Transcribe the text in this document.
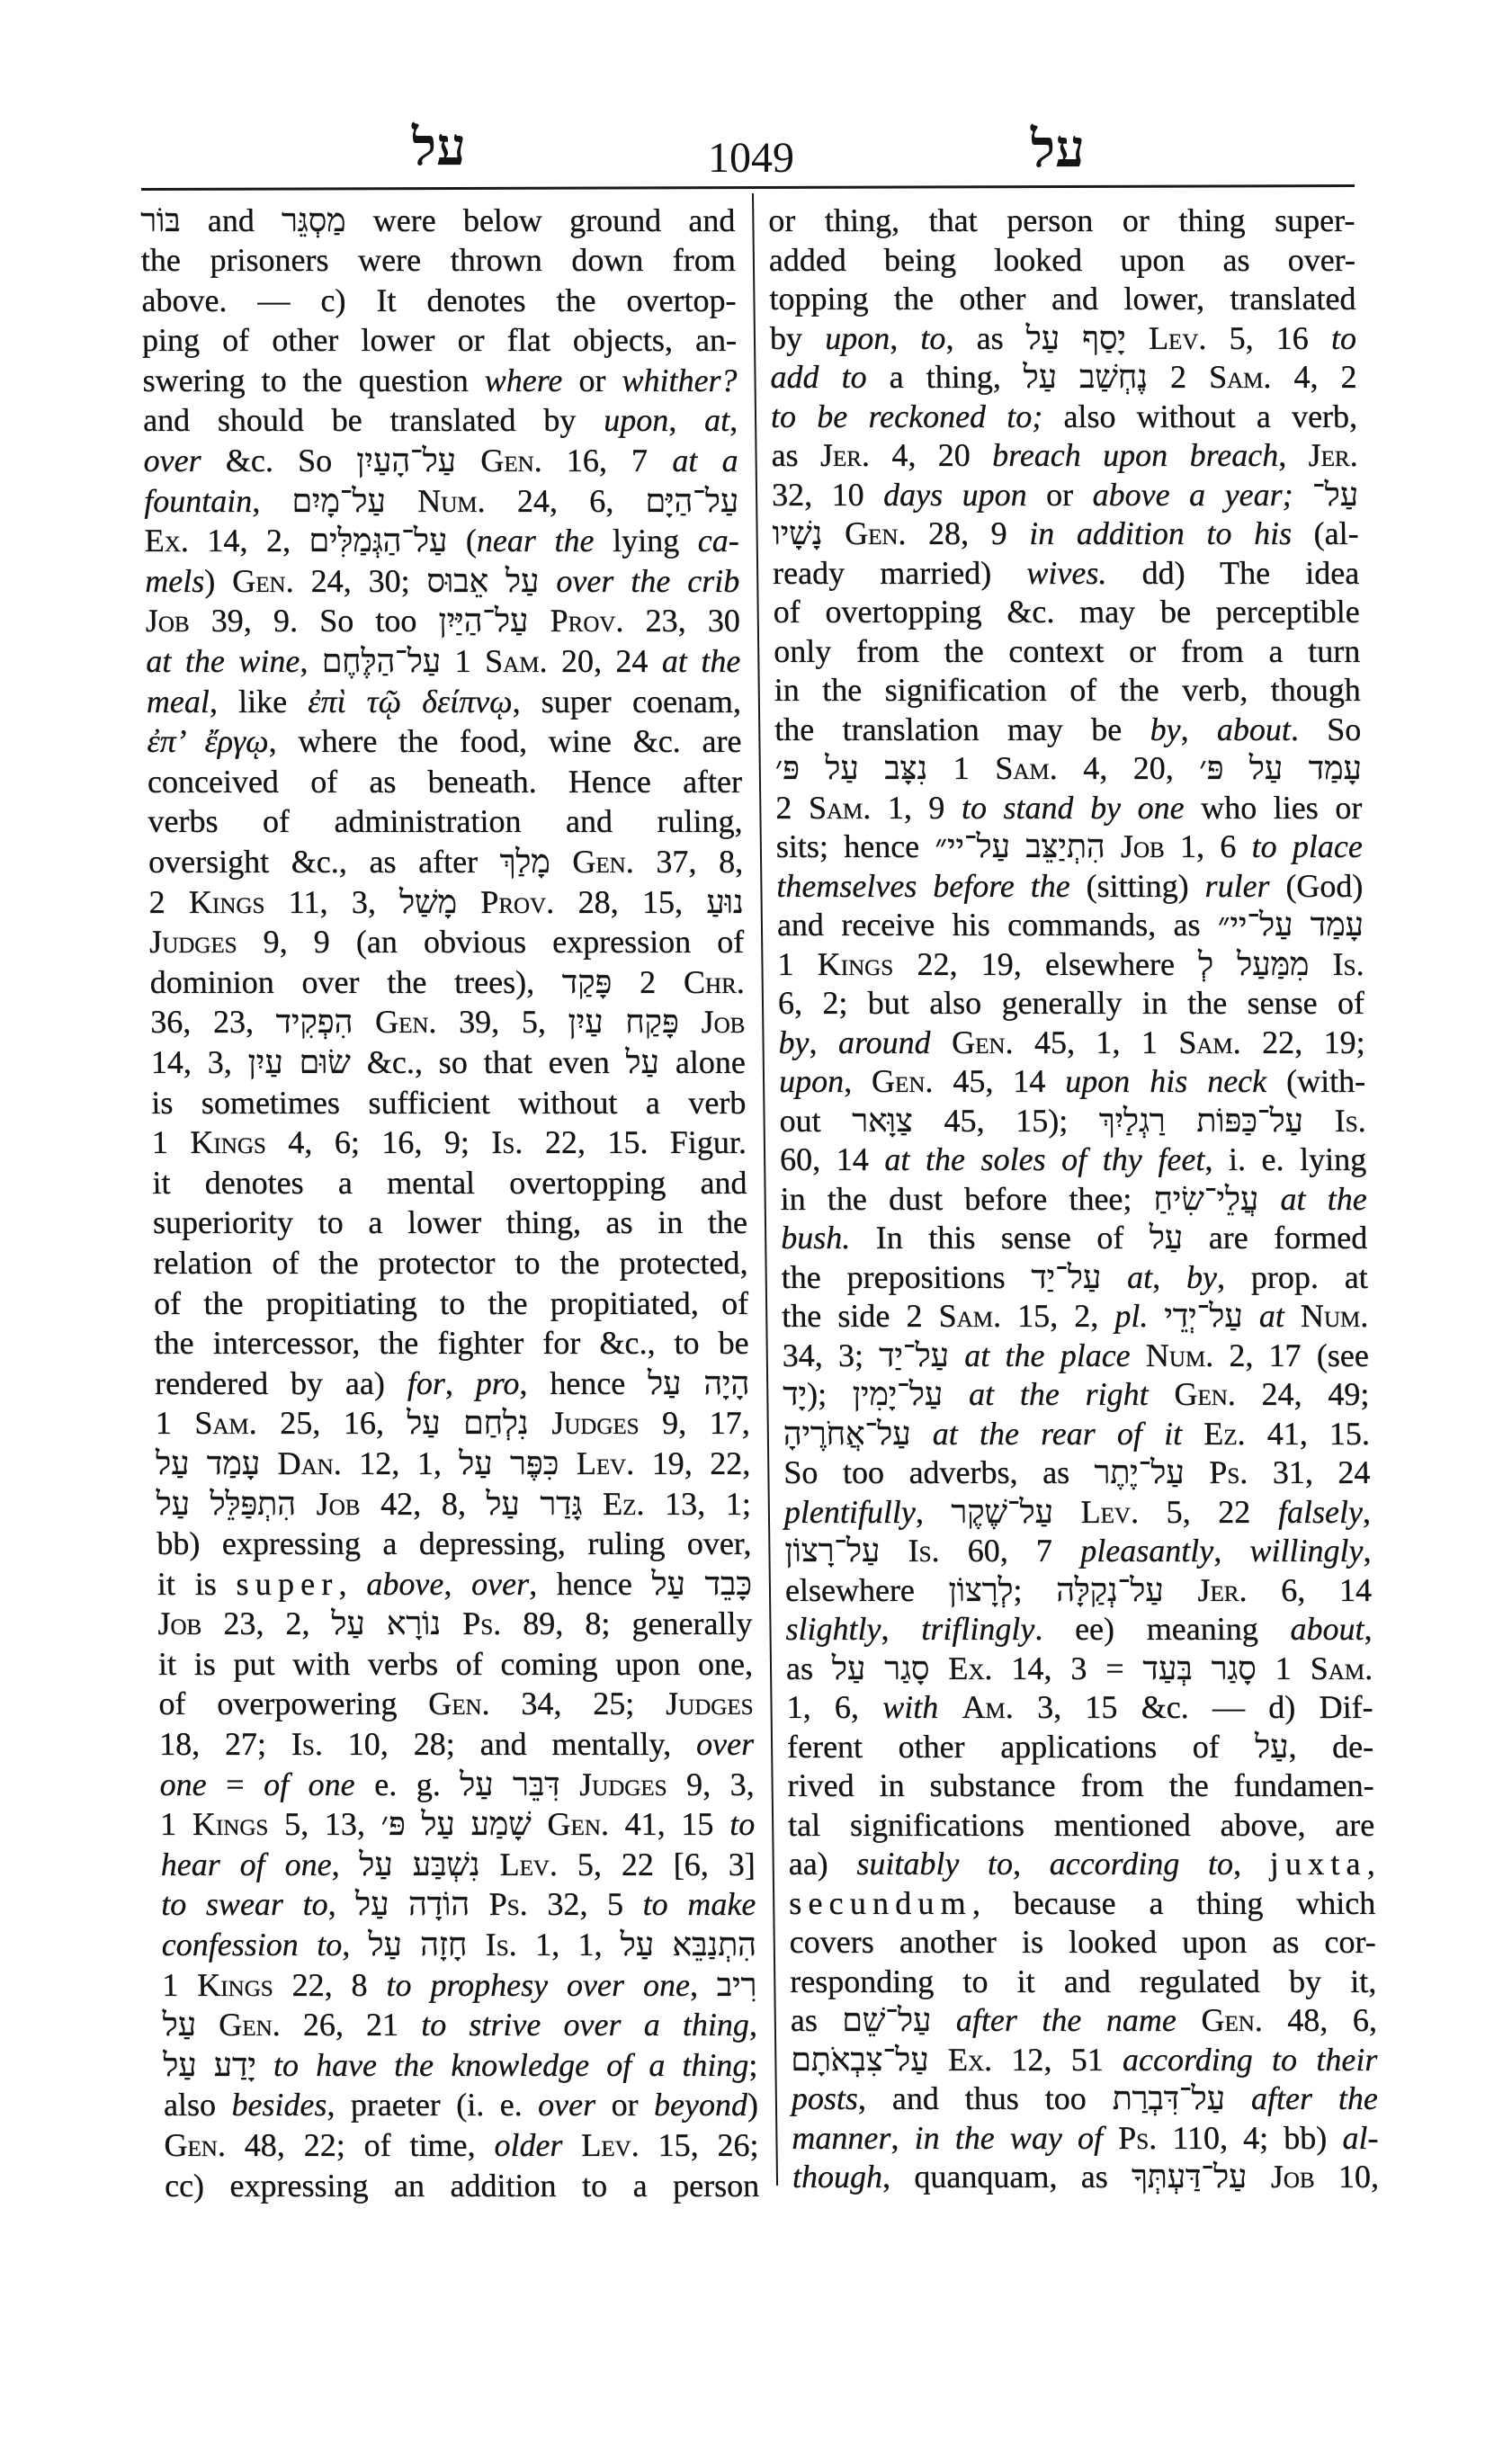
על	1049	על
בּוֹר and מַסְגֵּר were below ground and
the prisoners were thrown down from
above. — c) It denotes the overtop-
ping of other lower or flat objects, an-
swering to the question where or whither?
and should be translated by upon, at,
over &c. So עַל־הָעַיִן Gen. 16, 7 at a
fountain, עַל־מָיִם Num. 24, 6, עַל־הַיָּם
Ex. 14, 2, עַל־הַגְּמַלִּים (near the lying ca-
mels) Gen. 24, 30; עַל אֵבוּס over the crib
Job 39, 9. So too עַל־הַיַּיִן Prov. 23, 30
at the wine, עַל־הַלֶּחֶם 1 Sam. 20, 24 at the
meal, like ἐπὶ τῷ δείπνῳ, super coenam,
ἐπ’ ἔργῳ, where the food, wine &c. are
conceived of as beneath. Hence after
verbs of administration and ruling,
oversight &c., as after מָלַךְ Gen. 37, 8,
2 Kings 11, 3, מָשַׁל Prov. 28, 15, נוּעַ
Judges 9, 9 (an obvious expression of
dominion over the trees), פָּקַד 2 Chr.
36, 23, הִפְקִיד Gen. 39, 5, פָּקַח עַיִן Job
14, 3, שׂוּם עַיִן &c., so that even עַל alone
is sometimes sufficient without a verb
1 Kings 4, 6; 16, 9; Is. 22, 15. Figur.
it denotes a mental overtopping and
superiority to a lower thing, as in the
relation of the protector to the protected,
of the propitiating to the propitiated, of
the intercessor, the fighter for &c., to be
rendered by aa) for, pro, hence הָיָה עַל
1 Sam. 25, 16, נִלְחַם עַל Judges 9, 17,
עָמַד עַל Dan. 12, 1, כִּפֶּר עַל Lev. 19, 22,
הִתְפַּלֵּל עַל Job 42, 8, גָּדַר עַל Ez. 13, 1;
bb) expressing a depressing, ruling over,
it is super, above, over, hence כָּבֵד עַל
Job 23, 2, נוֹרָא עַל Ps. 89, 8; generally
it is put with verbs of coming upon one,
of overpowering Gen. 34, 25; Judges
18, 27; Is. 10, 28; and mentally, over
one = of one e. g. דִּבֵּר עַל Judges 9, 3,
1 Kings 5, 13, שָׁמַע עַל פּ׳ Gen. 41, 15 to
hear of one, נִשְׁבַּע עַל Lev. 5, 22 [6, 3]
to swear to, הוֹדָה עַל Ps. 32, 5 to make
confession to, חָזָה עַל Is. 1, 1, הִתְנַבֵּא עַל
1 Kings 22, 8 to prophesy over one, רִיב
עַל Gen. 26, 21 to strive over a thing,
יָדַע עַל to have the knowledge of a thing;
also besides, praeter (i. e. over or beyond)
Gen. 48, 22; of time, older Lev. 15, 26;
cc) expressing an addition to a person
or thing, that person or thing super-
added being looked upon as over-
topping the other and lower, translated
by upon, to, as יָסַף עַל Lev. 5, 16 to
add to a thing, נֶחְשַׁב עַל 2 Sam. 4, 2
to be reckoned to; also without a verb,
as Jer. 4, 20 breach upon breach, Jer.
32, 10 days upon or above a year; עַל־
נָשָׁיו Gen. 28, 9 in addition to his (al-
ready married) wives. dd) The idea
of overtopping &c. may be perceptible
only from the context or from a turn
in the signification of the verb, though
the translation may be by, about. So
נִצָּב עַל פּ׳ 1 Sam. 4, 20, עָמַד עַל פּ׳
2 Sam. 1, 9 to stand by one who lies or
sits; hence הִתְיַצֵּב עַל־יי״ Job 1, 6 to place
themselves before the (sitting) ruler (God)
and receive his commands, as עָמַד עַל־יי״
1 Kings 22, 19, elsewhere מִמַּעַל לְ Is.
6, 2; but also generally in the sense of
by, around Gen. 45, 1, 1 Sam. 22, 19;
upon, Gen. 45, 14 upon his neck (with-
out צַוָּאר 45, 15); עַל־כַּפּוֹת רַגְלַיִךְ Is.
60, 14 at the soles of thy feet, i. e. lying
in the dust before thee; עֲלֵי־שִׂיחַ at the
bush. In this sense of עַל are formed
the prepositions עַל־יַד at, by, prop. at
the side 2 Sam. 15, 2, pl. עַל־יְדֵי at Num.
34, 3; עַל־יַד at the place Num. 2, 17 (see
יָד); עַל־יָמִין at the right Gen. 24, 49;
עַל־אֲחֹרֶיהָ at the rear of it Ez. 41, 15.
So too adverbs, as עַל־יֶתֶר Ps. 31, 24
plentifully, עַל־שֶׁקֶר Lev. 5, 22 falsely,
עַל־רָצוֹן Is. 60, 7 pleasantly, willingly,
elsewhere לְרָצוֹן; עַל־נְקַלָּה Jer. 6, 14
slightly, triflingly. ee) meaning about,
as סָגַר עַל Ex. 14, 3 = סָגַר בְּעַד 1 Sam.
1, 6, with Am. 3, 15 &c. — d) Dif-
ferent other applications of עַל, de-
rived in substance from the fundamen-
tal significations mentioned above, are
aa) suitably to, according to, juxta,
secundum, because a thing which
covers another is looked upon as cor-
responding to it and regulated by it,
as עַל־שֵׁם after the name Gen. 48, 6,
עַל־צִבְאֹתָם Ex. 12, 51 according to their
posts, and thus too עַל־דִּבְרַת after the
manner, in the way of Ps. 110, 4; bb) al-
though, quanquam, as עַל־דַּעְתְּךָ Job 10,
